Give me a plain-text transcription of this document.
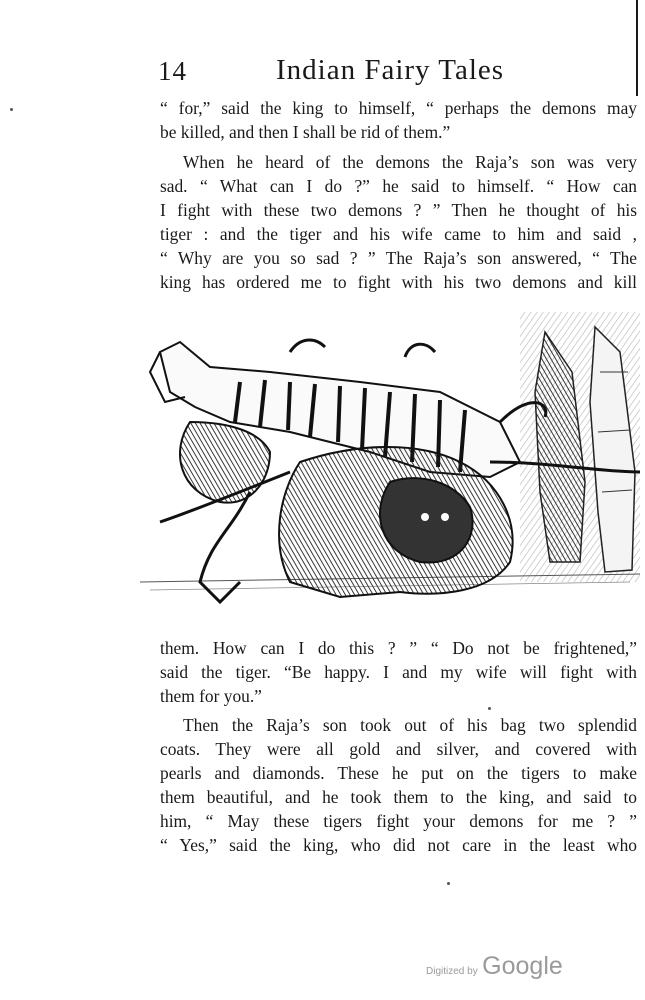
14	Indian Fairy Tales
“ for,” said the king to himself, “ perhaps the demons may
be killed, and then I shall be rid of them.”
When he heard of the demons the Raja’s son was very
sad. “ What can I do ?” he said to himself. “ How can
I fight with these two demons ? ” Then he thought of his
tiger : and the tiger and his wife came to him and said ,
“ Why are you so sad ? ” The Raja’s son answered, “ The
king has ordered me to fight with his two demons and kill
them. How can I do this ? ” “ Do not be frightened,”
said the tiger. “Be happy. I and my wife will fight with
them for you.”
Then the Raja’s son took out of his bag two splendid
coats. They were all gold and silver, and covered with
pearls and diamonds. These he put on the tigers to make
them beautiful, and he took them to the king, and said to
him, “ May these tigers fight your demons for me ? ”
“ Yes,” said the king, who did not care in the least who
Digitized by Google
